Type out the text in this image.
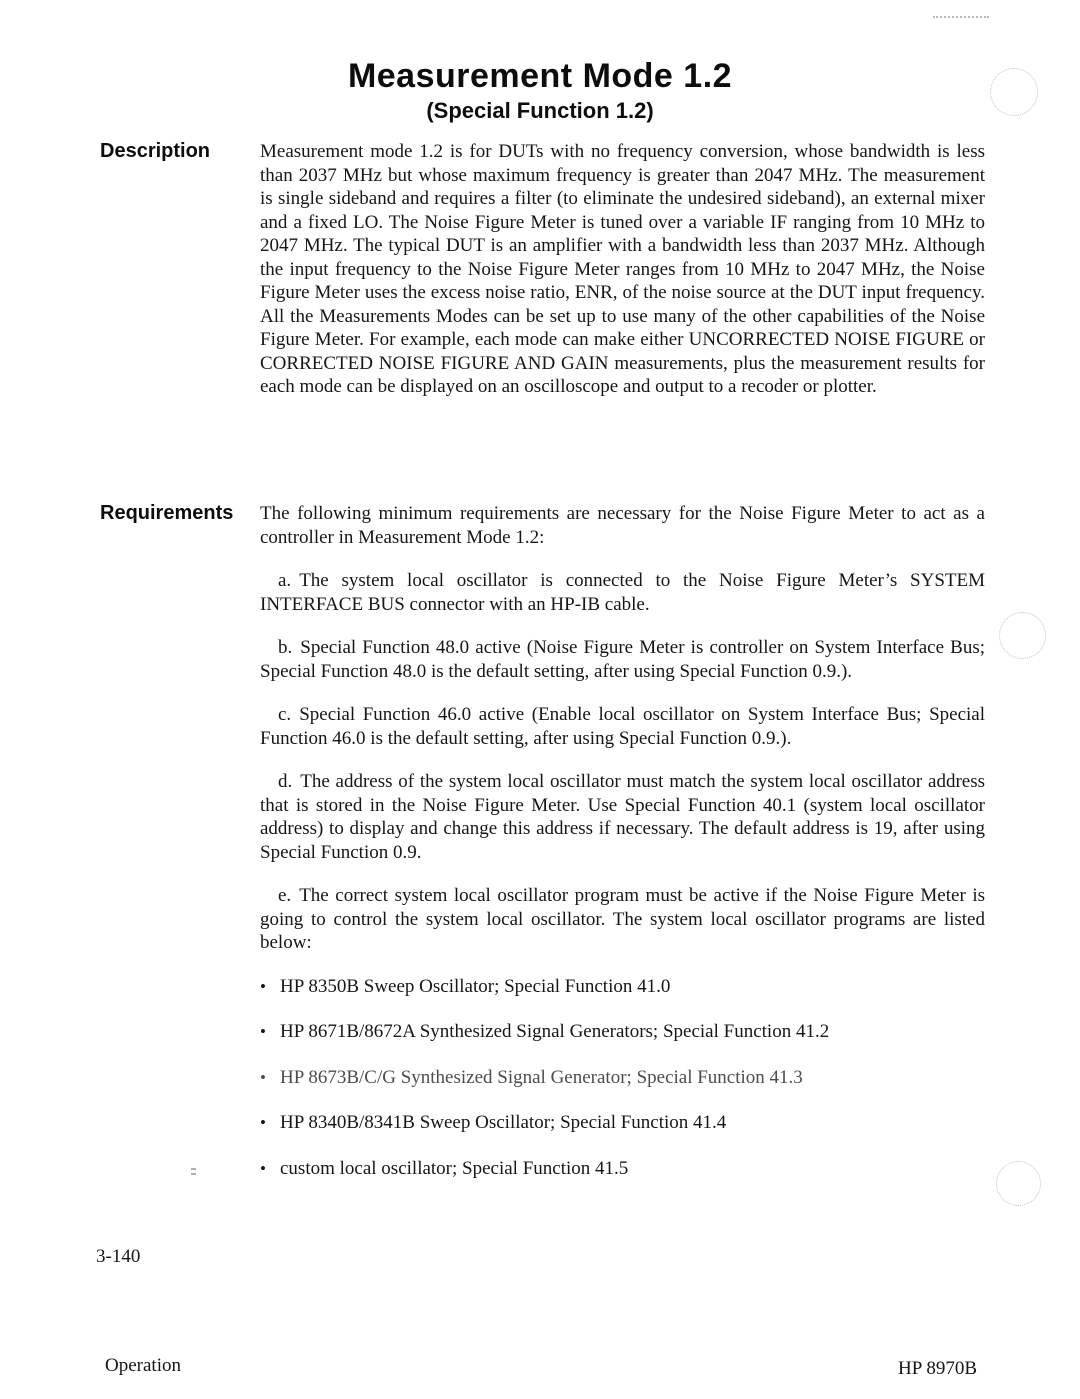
Measurement Mode 1.2
(Special Function 1.2)
Description	Measurement mode 1.2 is for DUTs with no frequency conversion, whose bandwidth is less than 2037 MHz but whose maximum frequency is greater than 2047 MHz. The measurement is single sideband and requires a filter (to eliminate the undesired sideband), an external mixer and a fixed LO. The Noise Figure Meter is tuned over a variable IF ranging from 10 MHz to 2047 MHz. The typical DUT is an amplifier with a bandwidth less than 2037 MHz. Although the input frequency to the Noise Figure Meter ranges from 10 MHz to 2047 MHz, the Noise Figure Meter uses the excess noise ratio, ENR, of the noise source at the DUT input frequency. All the Measurements Modes can be set up to use many of the other capabilities of the Noise Figure Meter. For example, each mode can make either UNCORRECTED NOISE FIGURE or CORRECTED NOISE FIGURE AND GAIN measurements, plus the measurement results for each mode can be displayed on an oscilloscope and output to a recoder or plotter.

Requirements	The following minimum requirements are necessary for the Noise Figure Meter to act as a controller in Measurement Mode 1.2:

a. The system local oscillator is connected to the Noise Figure Meter’s SYSTEM INTERFACE BUS connector with an HP-IB cable.

b. Special Function 48.0 active (Noise Figure Meter is controller on System Interface Bus; Special Function 48.0 is the default setting, after using Special Function 0.9.).

c. Special Function 46.0 active (Enable local oscillator on System Interface Bus; Special Function 46.0 is the default setting, after using Special Function 0.9.).

d. The address of the system local oscillator must match the system local oscillator address that is stored in the Noise Figure Meter. Use Special Function 40.1 (system local oscillator address) to display and change this address if necessary. The default address is 19, after using Special Function 0.9.

e. The correct system local oscillator program must be active if the Noise Figure Meter is going to control the system local oscillator. The system local oscillator programs are listed below:

• HP 8350B Sweep Oscillator; Special Function 41.0
• HP 8671B/8672A Synthesized Signal Generators; Special Function 41.2
• HP 8673B/C/G Synthesized Signal Generator; Special Function 41.3
• HP 8340B/8341B Sweep Oscillator; Special Function 41.4
• custom local oscillator; Special Function 41.5
3-140
Operation	HP 8970B
